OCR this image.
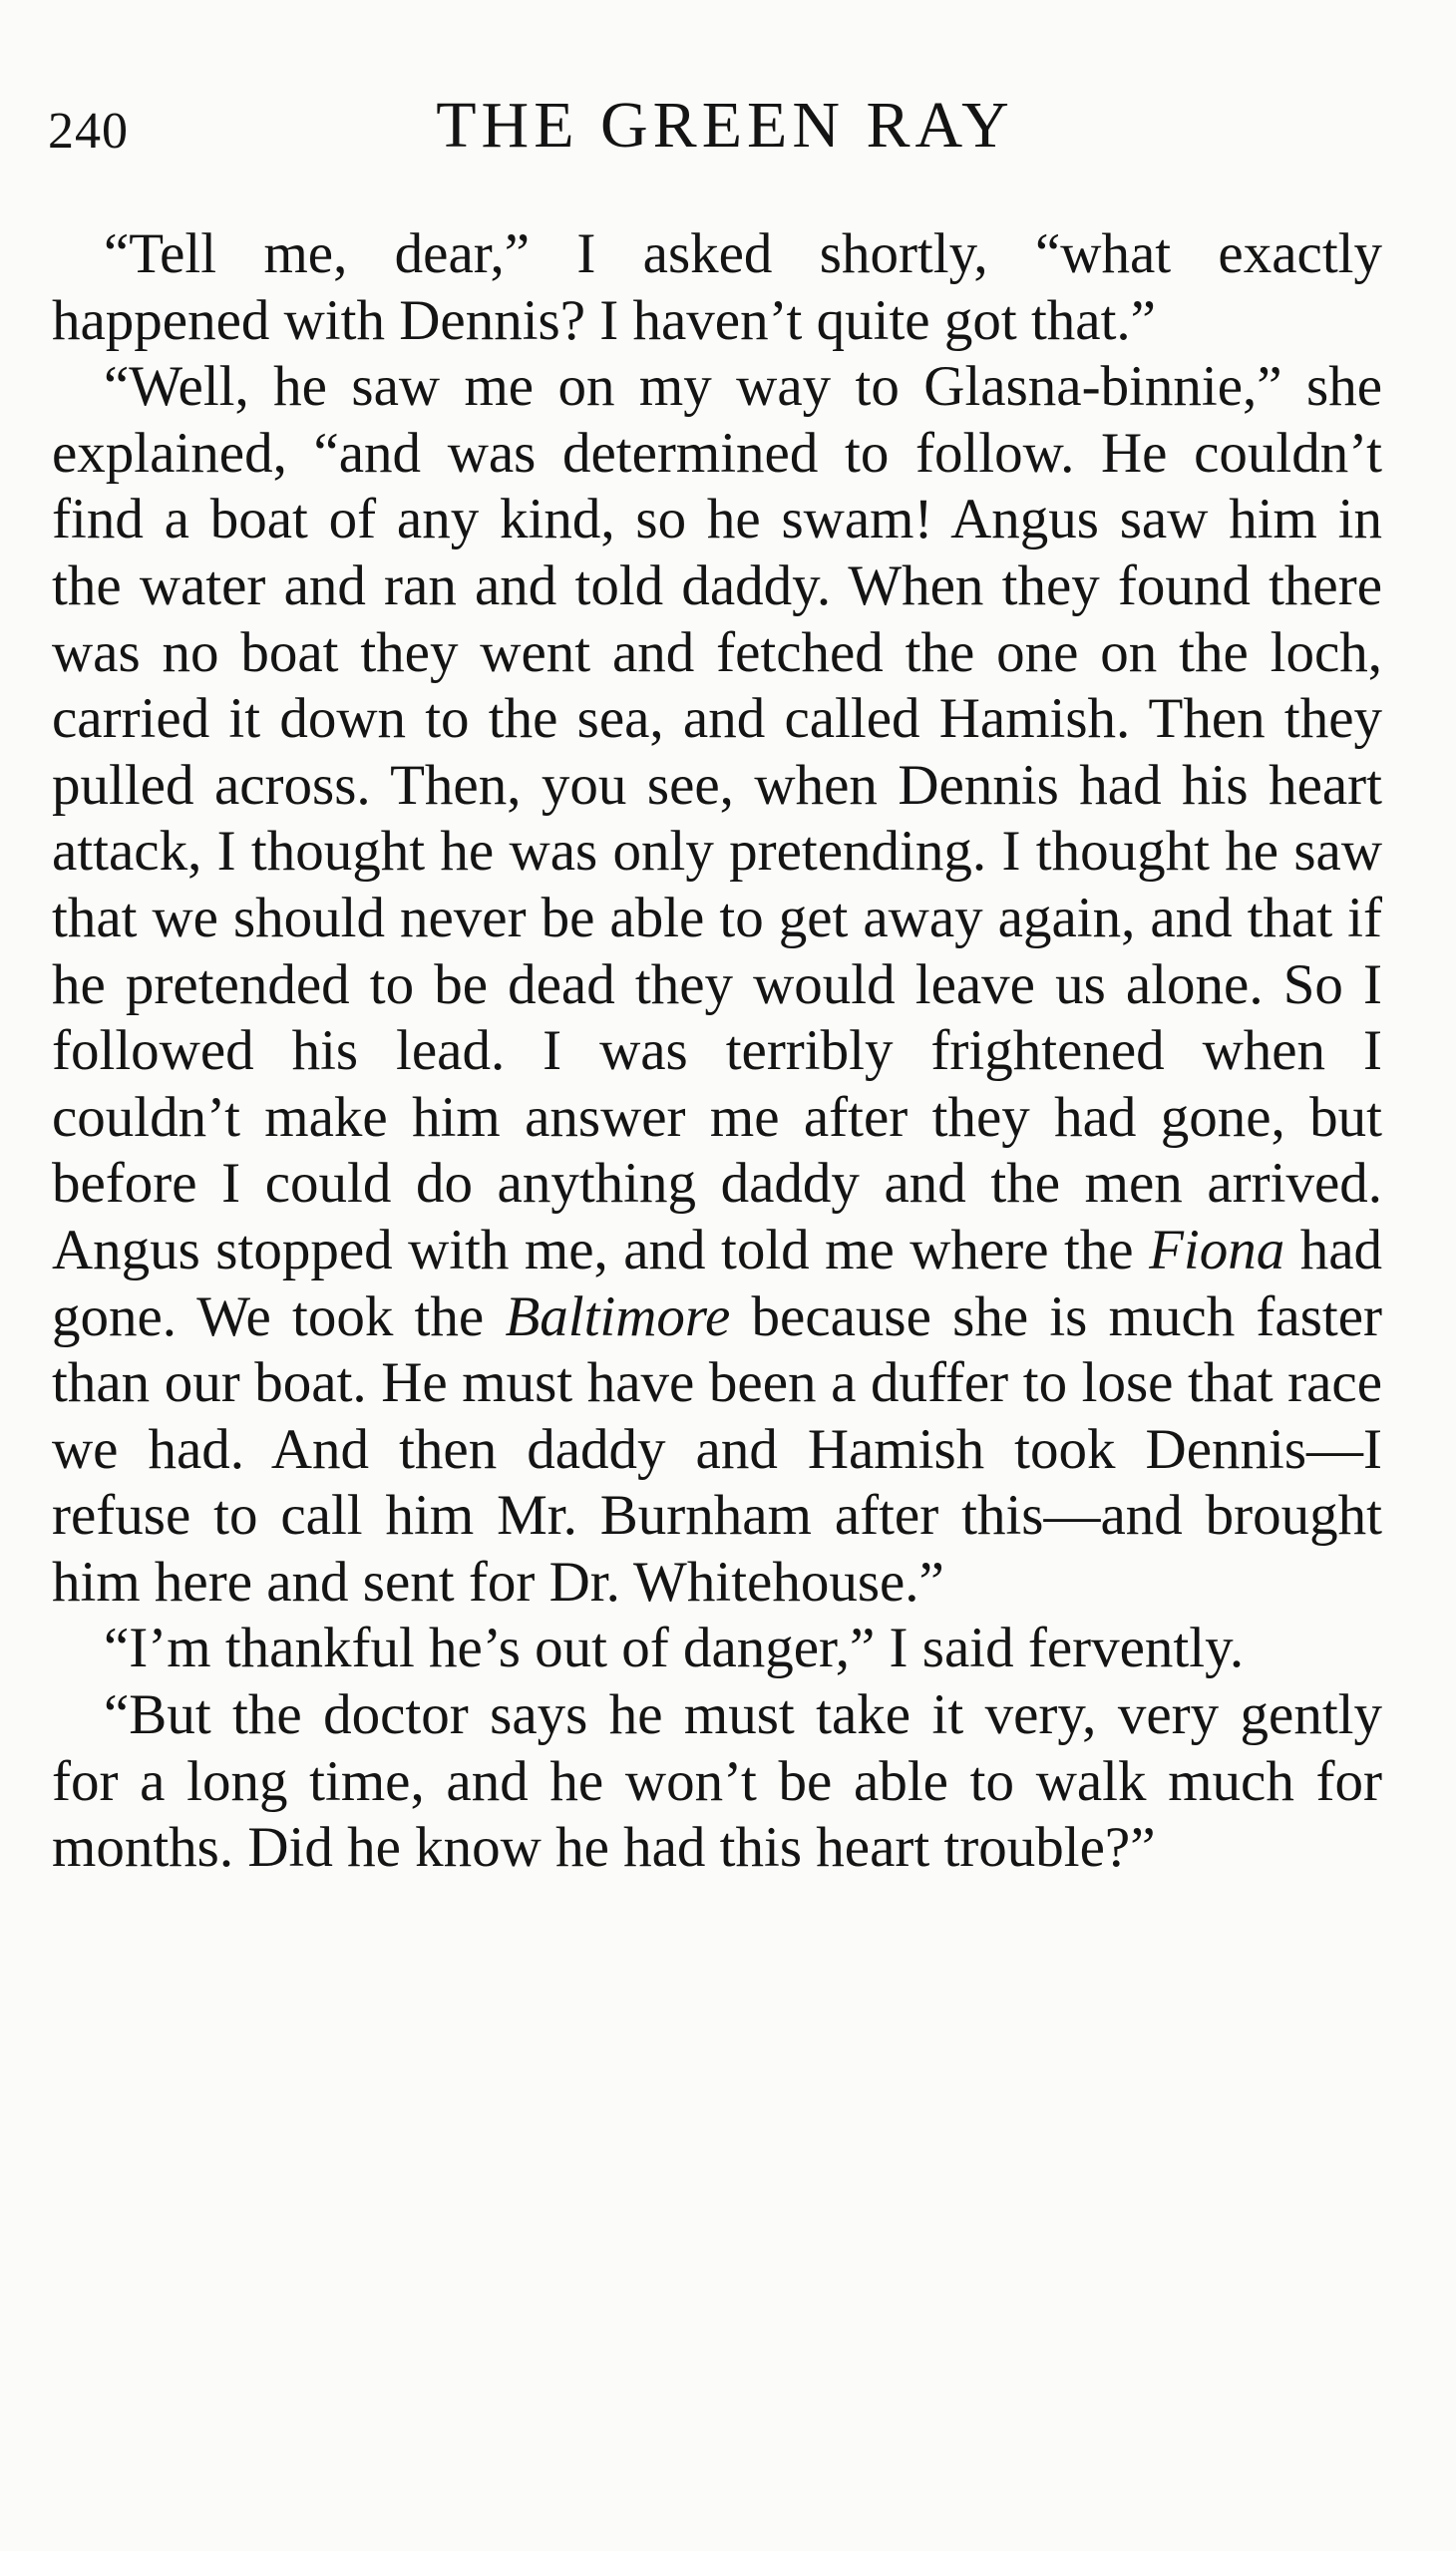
240	THE GREEN RAY

“Tell me, dear,” I asked shortly, “what exactly happened with Dennis? I haven’t quite got that.”

“Well, he saw me on my way to Glasna-binnie,” she explained, “and was determined to follow. He couldn’t find a boat of any kind, so he swam! Angus saw him in the water and ran and told daddy. When they found there was no boat they went and fetched the one on the loch, carried it down to the sea, and called Hamish. Then they pulled across. Then, you see, when Dennis had his heart attack, I thought he was only pretending. I thought he saw that we should never be able to get away again, and that if he pretended to be dead they would leave us alone. So I followed his lead. I was terribly frightened when I couldn’t make him answer me after they had gone, but before I could do anything daddy and the men arrived. Angus stopped with me, and told me where the Fiona had gone. We took the Baltimore because she is much faster than our boat. He must have been a duffer to lose that race we had. And then daddy and Hamish took Dennis—I refuse to call him Mr. Burnham after this—and brought him here and sent for Dr. Whitehouse.”

“I’m thankful he’s out of danger,” I said fervently.

“But the doctor says he must take it very, very gently for a long time, and he won’t be able to walk much for months. Did he know he had this heart trouble?”
